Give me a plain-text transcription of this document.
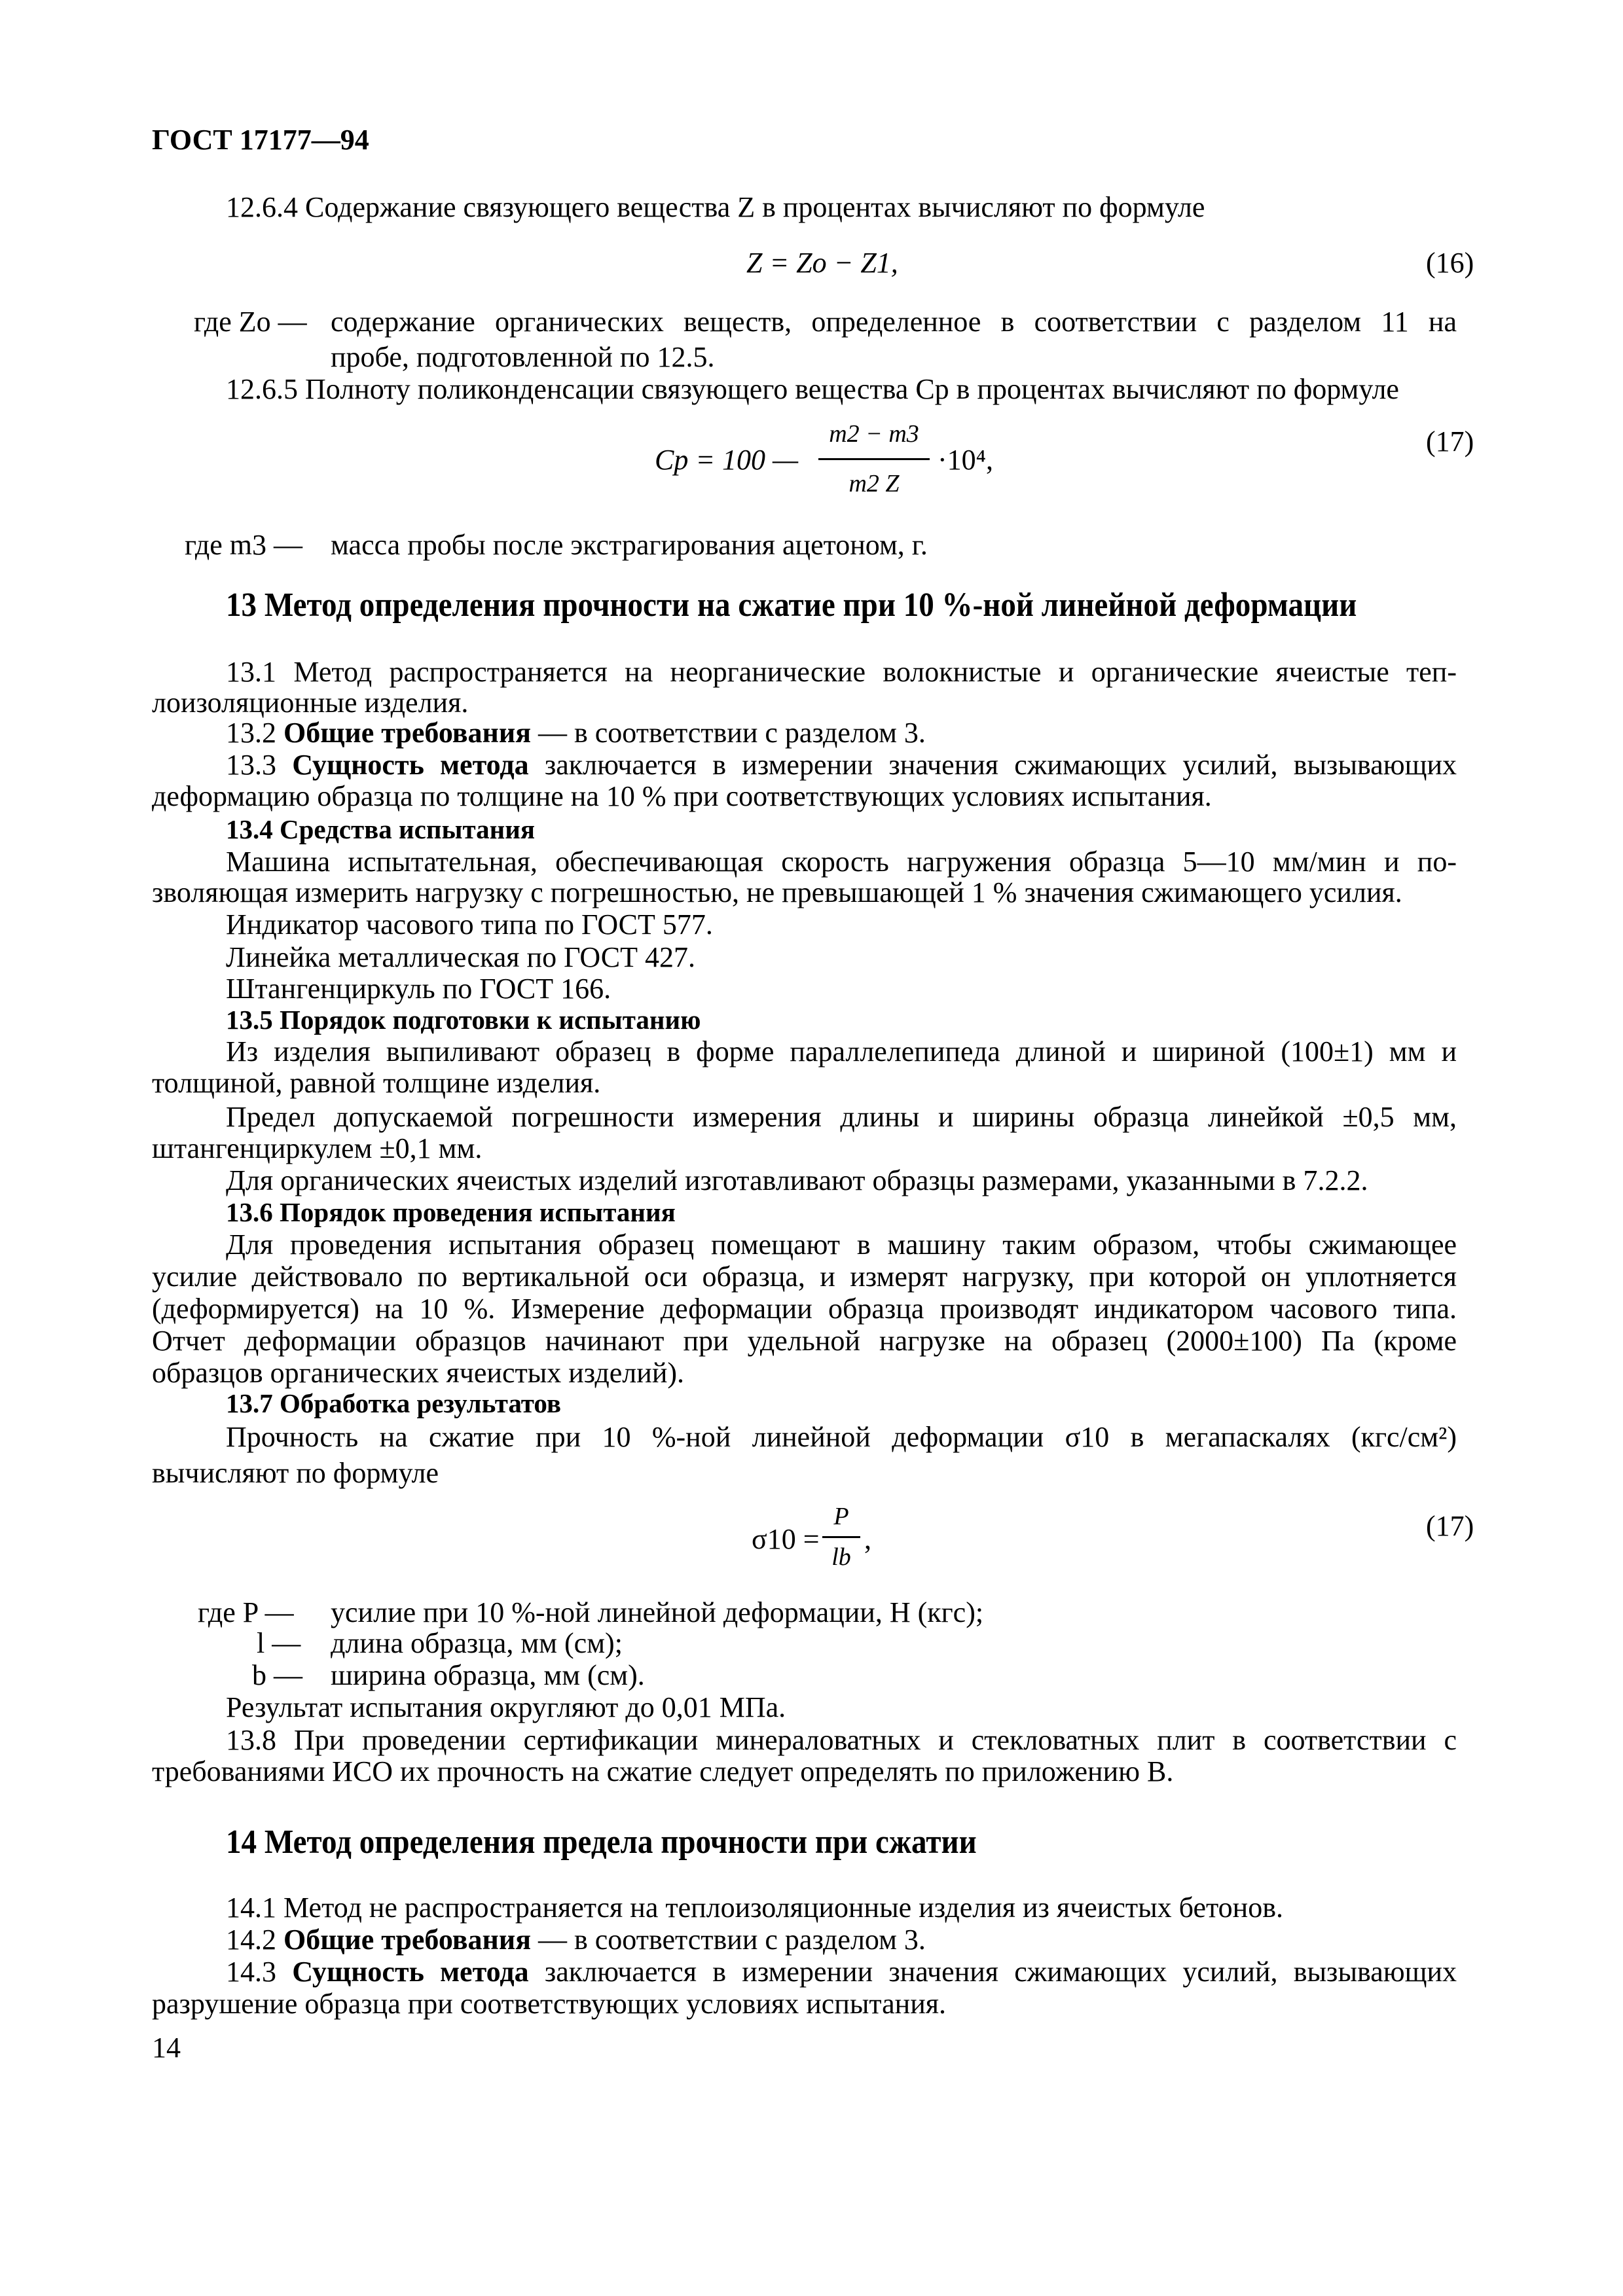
ГОСТ 17177—94
12.6.4 Содержание связующего вещества Z в процентах вычисляют по формуле
Z = Zо − Z1,	(16)
где Zо — содержание органических веществ, определенное в соответствии с разделом 11 на
пробе, подготовленной по 12.5.
12.6.5 Полноту поликонденсации связующего вещества Cp в процентах вычисляют по формуле
Cp = 100 —
m2 − m3
m2 Z
·10⁴,
(17)
где m3 — масса пробы после экстрагирования ацетоном, г.
13 Метод определения прочности на сжатие при 10 %-ной линейной деформации
13.1 Метод распространяется на неорганические волокнистые и органические ячеистые теп-
лоизоляционные изделия.
13.2 Общие требования — в соответствии с разделом 3.
13.3 Сущность метода заключается в измерении значения сжимающих усилий, вызывающих
деформацию образца по толщине на 10 % при соответствующих условиях испытания.
13.4 Средства испытания
Машина испытательная, обеспечивающая скорость нагружения образца 5—10 мм/мин и по-
зволяющая измерить нагрузку с погрешностью, не превышающей 1 % значения сжимающего усилия.
Индикатор часового типа по ГОСТ 577.
Линейка металлическая по ГОСТ 427.
Штангенциркуль по ГОСТ 166.
13.5 Порядок подготовки к испытанию
Из изделия выпиливают образец в форме параллелепипеда длиной и шириной (100±1) мм и
толщиной, равной толщине изделия.
Предел допускаемой погрешности измерения длины и ширины образца линейкой ±0,5 мм,
штангенциркулем ±0,1 мм.
Для органических ячеистых изделий изготавливают образцы размерами, указанными в 7.2.2.
13.6 Порядок проведения испытания
Для проведения испытания образец помещают в машину таким образом, чтобы сжимающее
усилие действовало по вертикальной оси образца, и измерят нагрузку, при которой он уплотняется
(деформируется) на 10 %. Измерение деформации образца производят индикатором часового типа.
Отчет деформации образцов начинают при удельной нагрузке на образец (2000±100) Па (кроме
образцов органических ячеистых изделий).
13.7 Обработка результатов
Прочность на сжатие при 10 %-ной линейной деформации σ10 в мегапаскалях (кгс/см²)
вычисляют по формуле
σ10 =
P
lb
,	(17)
где P — усилие при 10 %-ной линейной деформации, Н (кгс);
l — длина образца, мм (см);
b — ширина образца, мм (см).
Результат испытания округляют до 0,01 МПа.
13.8 При проведении сертификации минераловатных и стекловатных плит в соответствии с
требованиями ИСО их прочность на сжатие следует определять по приложению В.
14 Метод определения предела прочности при сжатии
14.1 Метод не распространяется на теплоизоляционные изделия из ячеистых бетонов.
14.2 Общие требования — в соответствии с разделом 3.
14.3 Сущность метода заключается в измерении значения сжимающих усилий, вызывающих
разрушение образца при соответствующих условиях испытания.
14
